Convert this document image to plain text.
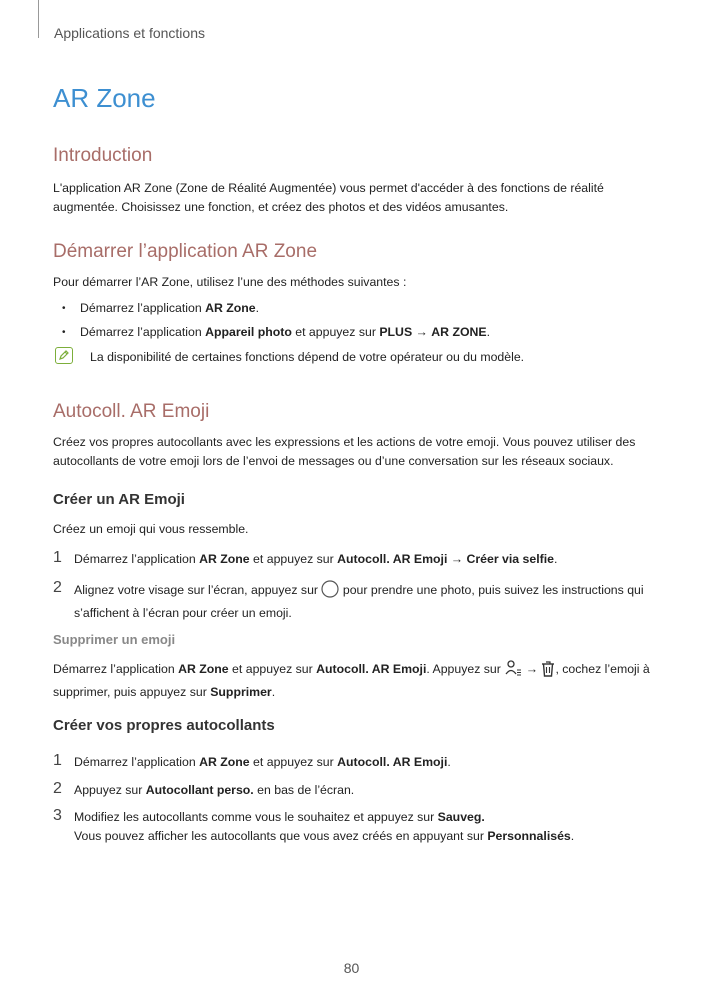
Applications et fonctions
AR Zone
Introduction
L'application AR Zone (Zone de Réalité Augmentée) vous permet d'accéder à des fonctions de réalité
augmentée. Choisissez une fonction, et créez des photos et des vidéos amusantes.
Démarrer l’application AR Zone
Pour démarrer l’AR Zone, utilisez l’une des méthodes suivantes :
• Démarrez l’application AR Zone.
• Démarrez l’application Appareil photo et appuyez sur PLUS → AR ZONE.
La disponibilité de certaines fonctions dépend de votre opérateur ou du modèle.
Autocoll. AR Emoji
Créez vos propres autocollants avec les expressions et les actions de votre emoji. Vous pouvez utiliser des
autocollants de votre emoji lors de l’envoi de messages ou d’une conversation sur les réseaux sociaux.
Créer un AR Emoji
Créez un emoji qui vous ressemble.
1 Démarrez l’application AR Zone et appuyez sur Autocoll. AR Emoji → Créer via selfie.
2 Alignez votre visage sur l’écran, appuyez sur  pour prendre une photo, puis suivez les instructions qui
s’affichent à l’écran pour créer un emoji.
Supprimer un emoji
Démarrez l’application AR Zone et appuyez sur Autocoll. AR Emoji. Appuyez sur  → , cochez l’emoji à
supprimer, puis appuyez sur Supprimer.
Créer vos propres autocollants
1 Démarrez l’application AR Zone et appuyez sur Autocoll. AR Emoji.
2 Appuyez sur Autocollant perso. en bas de l’écran.
3 Modifiez les autocollants comme vous le souhaitez et appuyez sur Sauveg.
Vous pouvez afficher les autocollants que vous avez créés en appuyant sur Personnalisés.
80
